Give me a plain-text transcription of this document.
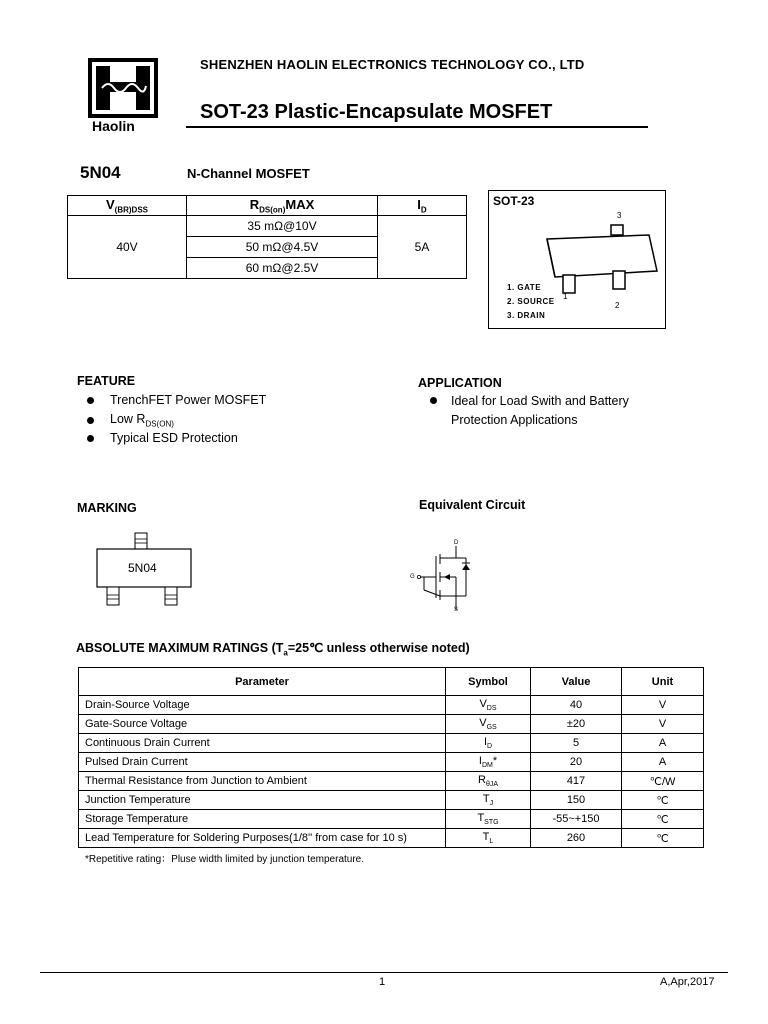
Haolin
SHENZHEN HAOLIN ELECTRONICS TECHNOLOGY CO., LTD
SOT-23 Plastic-Encapsulate MOSFET
5N04	N-Channel MOSFET
$V_{(BR)DSS}$	$R_{DS(on)}MAX$	$I_D$
40V	35 mΩ@10V	5A
	50 mΩ@4.5V	
	60 mΩ@2.5V	
SOT-23
3
1
2
1. GATE
2. SOURCE
3. DRAIN
FEATURE
TrenchFET Power MOSFET
Low $R_{DS(ON)}$
Typical ESD Protection
APPLICATION
Ideal for Load Swith and Battery
Protection Applications
MARKING
5N04
Equivalent Circuit
D
G
S
ABSOLUTE MAXIMUM RATINGS ($T_a=25℃$ unless otherwise noted)
Parameter	Symbol	Value	Unit
Drain-Source Voltage	$V_{DS}$	40	V
Gate-Source Voltage	$V_{GS}$	±20	V
Continuous Drain Current	$I_D$	5	A
Pulsed Drain Current	$I_{DM}*$	20	A
Thermal Resistance from Junction to Ambient	$R_{\theta JA}$	417	℃/W
Junction Temperature	$T_J$	150	℃
Storage Temperature	$T_{STG}$	-55~+150	℃
Lead Temperature for Soldering Purposes(1/8'' from case for 10 s)	$T_L$	260	℃
*Repetitive rating：Pluse width limited by junction temperature.
1	A,Apr,2017
